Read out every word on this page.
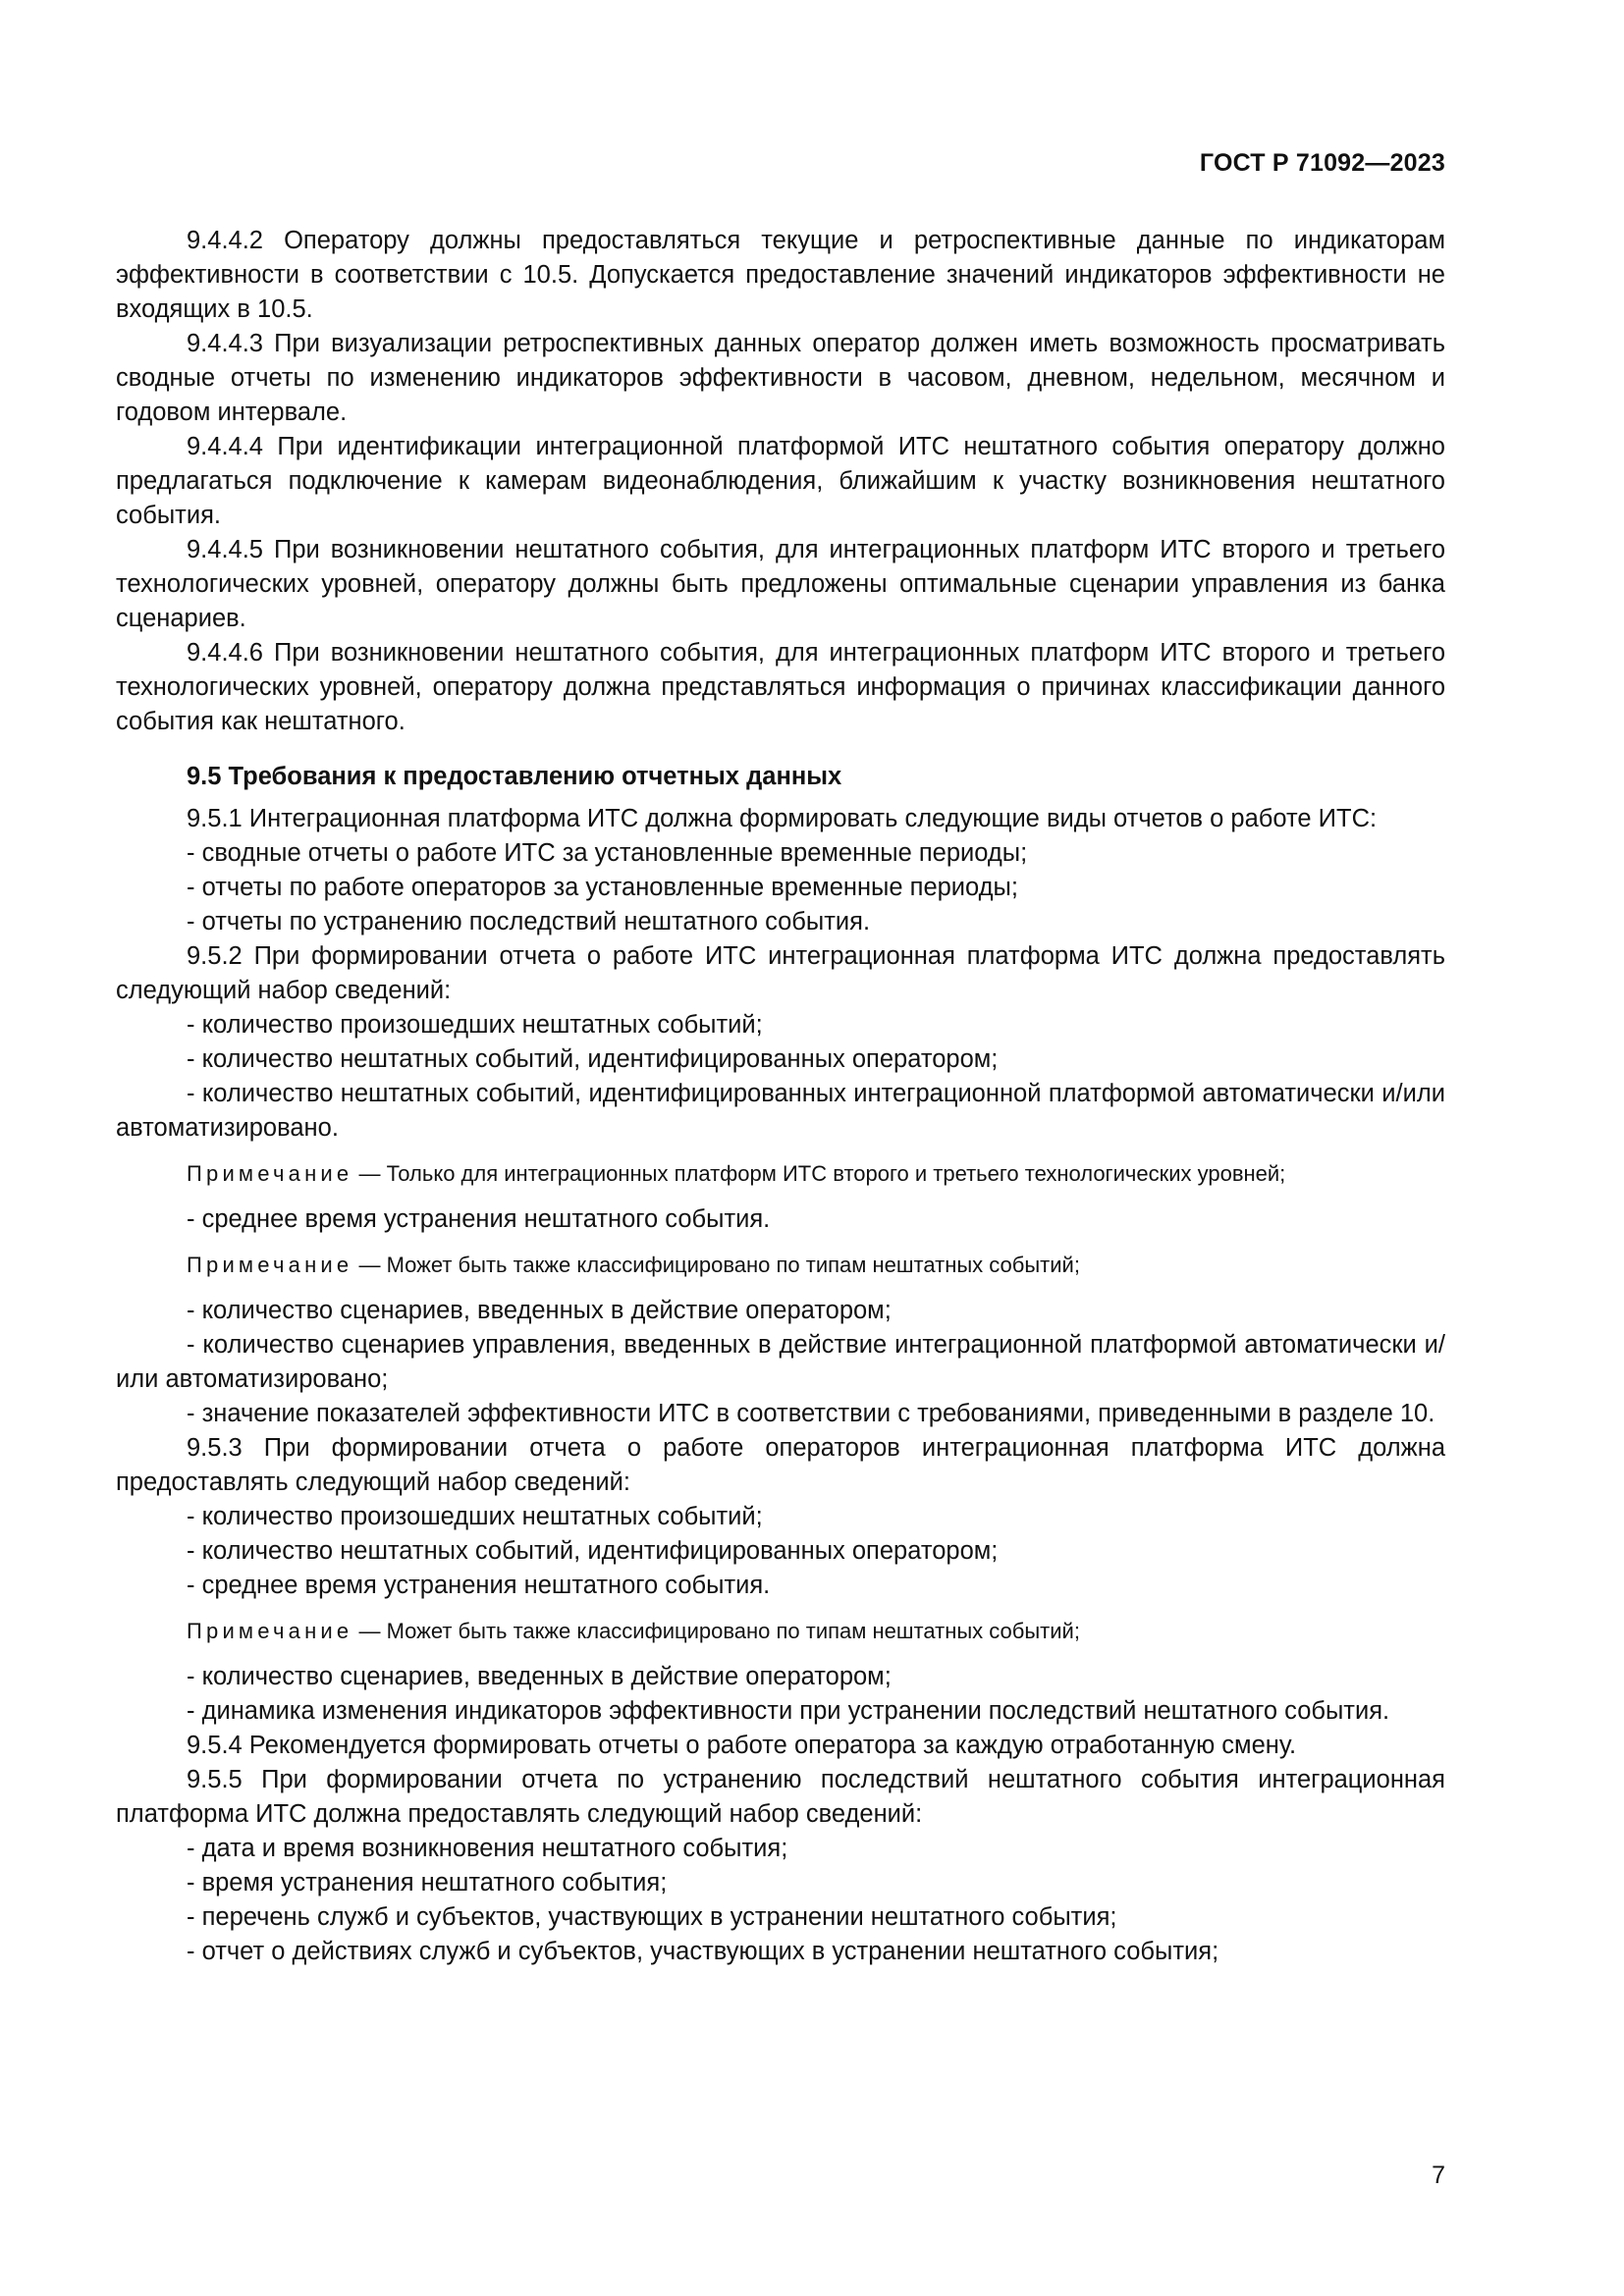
ГОСТ Р 71092—2023

9.4.4.2 Оператору должны предоставляться текущие и ретроспективные данные по индикаторам эффективности в соответствии с 10.5. Допускается предоставление значений индикаторов эффективности не входящих в 10.5.

9.4.4.3 При визуализации ретроспективных данных оператор должен иметь возможность просматривать сводные отчеты по изменению индикаторов эффективности в часовом, дневном, недельном, месячном и годовом интервале.

9.4.4.4 При идентификации интеграционной платформой ИТС нештатного события оператору должно предлагаться подключение к камерам видеонаблюдения, ближайшим к участку возникновения нештатного события.

9.4.4.5 При возникновении нештатного события, для интеграционных платформ ИТС второго и третьего технологических уровней, оператору должны быть предложены оптимальные сценарии управления из банка сценариев.

9.4.4.6 При возникновении нештатного события, для интеграционных платформ ИТС второго и третьего технологических уровней, оператору должна представляться информация о причинах классификации данного события как нештатного.

9.5 Требования к предоставлению отчетных данных

9.5.1 Интеграционная платформа ИТС должна формировать следующие виды отчетов о работе ИТС:

- сводные отчеты о работе ИТС за установленные временные периоды;

- отчеты по работе операторов за установленные временные периоды;

- отчеты по устранению последствий нештатного события.

9.5.2 При формировании отчета о работе ИТС интеграционная платформа ИТС должна предоставлять следующий набор сведений:

- количество произошедших нештатных событий;

- количество нештатных событий, идентифицированных оператором;

- количество нештатных событий, идентифицированных интеграционной платформой автоматически и/или автоматизировано.

Примечание — Только для интеграционных платформ ИТС второго и третьего технологических уровней;

- среднее время устранения нештатного события.

Примечание — Может быть также классифицировано по типам нештатных событий;

- количество сценариев, введенных в действие оператором;

- количество сценариев управления, введенных в действие интеграционной платформой автоматически и/или автоматизировано;

- значение показателей эффективности ИТС в соответствии с требованиями, приведенными в разделе 10.

9.5.3 При формировании отчета о работе операторов интеграционная платформа ИТС должна предоставлять следующий набор сведений:

- количество произошедших нештатных событий;

- количество нештатных событий, идентифицированных оператором;

- среднее время устранения нештатного события.

Примечание — Может быть также классифицировано по типам нештатных событий;

- количество сценариев, введенных в действие оператором;

- динамика изменения индикаторов эффективности при устранении последствий нештатного события.

9.5.4 Рекомендуется формировать отчеты о работе оператора за каждую отработанную смену.

9.5.5 При формировании отчета по устранению последствий нештатного события интеграционная платформа ИТС должна предоставлять следующий набор сведений:

- дата и время возникновения нештатного события;

- время устранения нештатного события;

- перечень служб и субъектов, участвующих в устранении нештатного события;

- отчет о действиях служб и субъектов, участвующих в устранении нештатного события;

7
